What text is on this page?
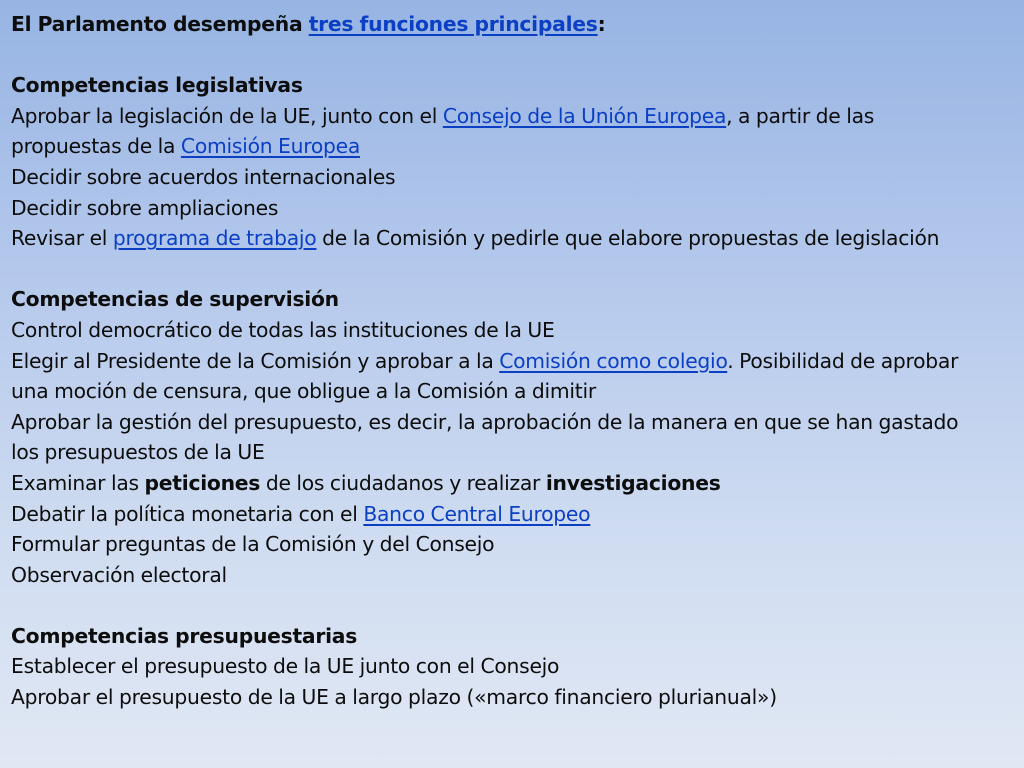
El Parlamento desempeña tres funciones principales:
Competencias legislativas
Aprobar la legislación de la UE, junto con el Consejo de la Unión Europea, a partir de las
propuestas de la Comisión Europea
Decidir sobre acuerdos internacionales
Decidir sobre ampliaciones
Revisar el programa de trabajo de la Comisión y pedirle que elabore propuestas de legislación
Competencias de supervisión
Control democrático de todas las instituciones de la UE
Elegir al Presidente de la Comisión y aprobar a la Comisión como colegio. Posibilidad de aprobar
una moción de censura, que obligue a la Comisión a dimitir
Aprobar la gestión del presupuesto, es decir, la aprobación de la manera en que se han gastado
los presupuestos de la UE
Examinar las peticiones de los ciudadanos y realizar investigaciones
Debatir la política monetaria con el Banco Central Europeo
Formular preguntas de la Comisión y del Consejo
Observación electoral
Competencias presupuestarias
Establecer el presupuesto de la UE junto con el Consejo
Aprobar el presupuesto de la UE a largo plazo («marco financiero plurianual»)
